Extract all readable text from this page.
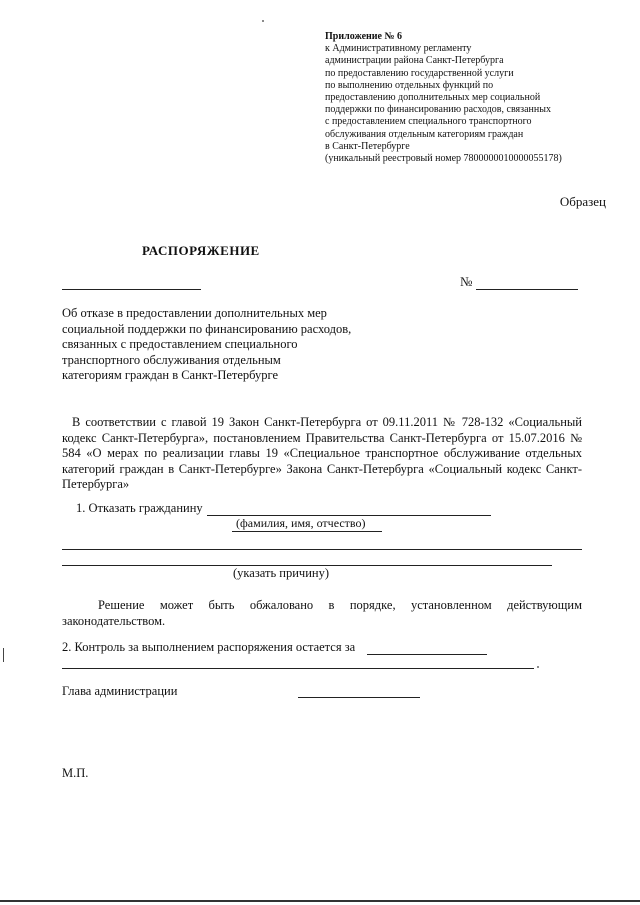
Приложение № 6
к Административному регламенту
администрации района Санкт-Петербурга
по предоставлению государственной услуги
по выполнению отдельных функций по
предоставлению дополнительных мер социальной
поддержки по финансированию расходов, связанных
с предоставлением специального транспортного
обслуживания отдельным категориям граждан
в Санкт-Петербурге
(уникальный реестровый номер 7800000010000055178)
Образец
РАСПОРЯЖЕНИЕ
№
Об отказе в предоставлении дополнительных мер
социальной поддержки по финансированию расходов,
связанных с предоставлением специального
транспортного обслуживания отдельным
категориям граждан в Санкт-Петербурге
В соответствии с главой 19 Закон Санкт-Петербурга от 09.11.2011 № 728-132 «Социальный кодекс Санкт-Петербурга», постановлением Правительства Санкт-Петербурга от 15.07.2016 № 584 «О мерах по реализации главы 19 «Специальное транспортное обслуживание отдельных категорий граждан в Санкт-Петербурге» Закона Санкт-Петербурга «Социальный кодекс Санкт-Петербурга»
1. Отказать гражданину
(фамилия, имя, отчество)
(указать причину)
Решение может быть обжаловано в порядке, установленном действующим законодательством.
2. Контроль за выполнением распоряжения остается за
Глава администрации
М.П.
